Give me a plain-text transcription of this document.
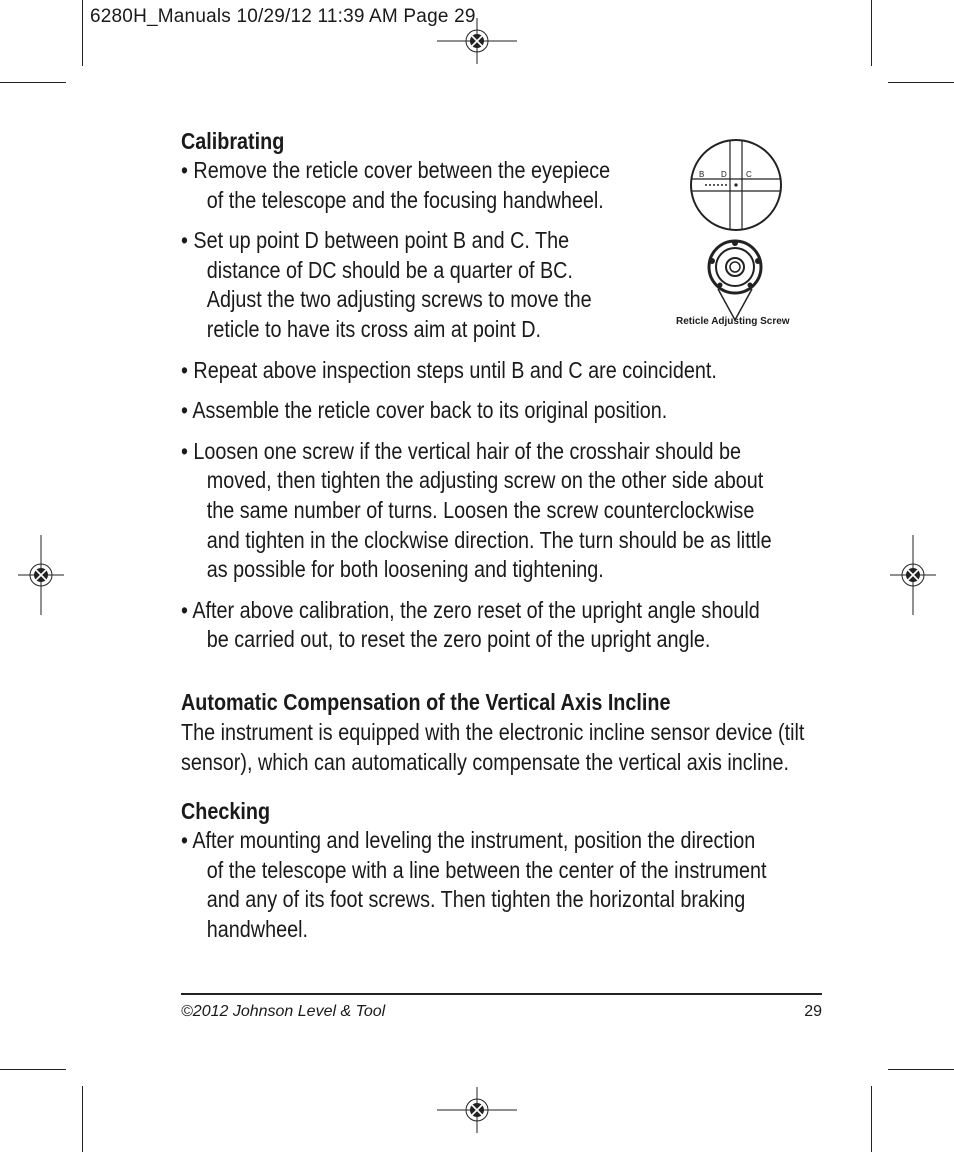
6280H_Manuals 10/29/12 11:39 AM Page 29
B D C
Reticle Adjusting Screw
Calibrating
• Remove the reticle cover between the eyepiece
of the telescope and the focusing handwheel.
• Set up point D between point B and C. The
distance of DC should be a quarter of BC.
Adjust the two adjusting screws to move the
reticle to have its cross aim at point D.
• Repeat above inspection steps until B and C are coincident.
• Assemble the reticle cover back to its original position.
• Loosen one screw if the vertical hair of the crosshair should be
moved, then tighten the adjusting screw on the other side about
the same number of turns. Loosen the screw counterclockwise
and tighten in the clockwise direction. The turn should be as little
as possible for both loosening and tightening.
• After above calibration, the zero reset of the upright angle should
be carried out, to reset the zero point of the upright angle.
Automatic Compensation of the Vertical Axis Incline
The instrument is equipped with the electronic incline sensor device (tilt
sensor), which can automatically compensate the vertical axis incline.
Checking
• After mounting and leveling the instrument, position the direction
of the telescope with a line between the center of the instrument
and any of its foot screws. Then tighten the horizontal braking
handwheel.
©2012 Johnson Level & Tool	29
